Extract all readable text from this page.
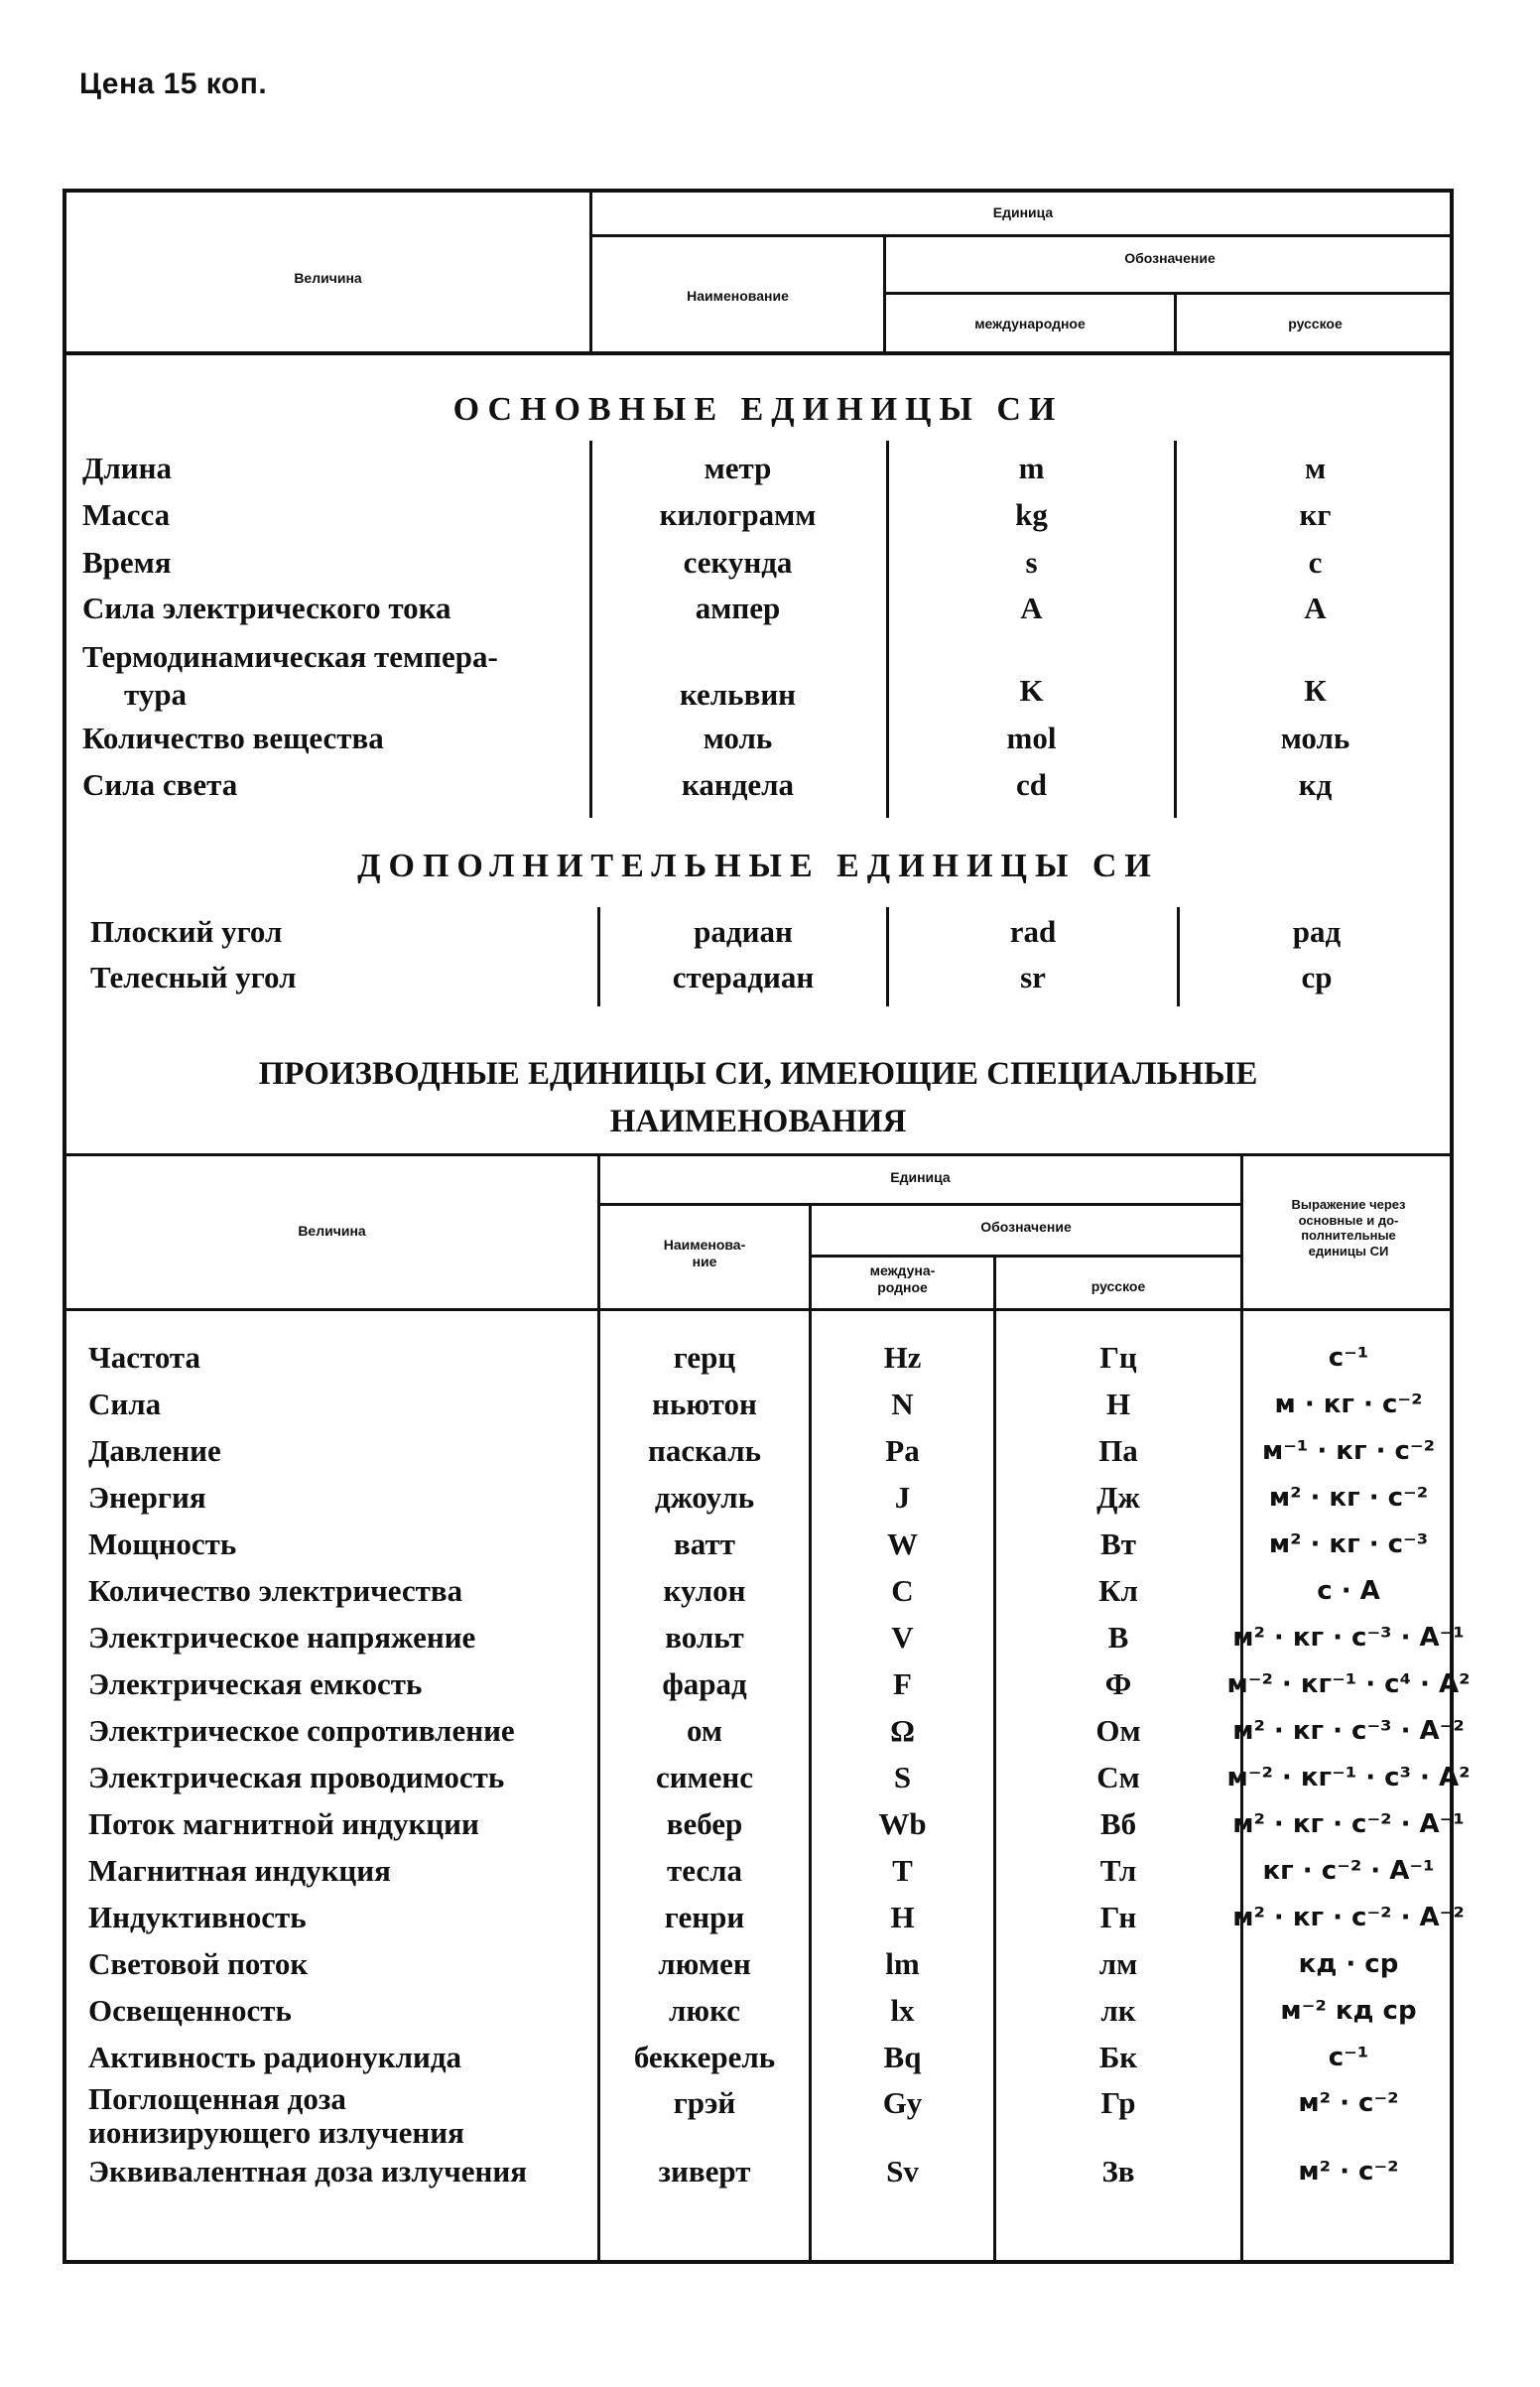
Цена 15 коп.
Величина
Единица
Наименование
Обозначение
международное	русское
ОСНОВНЫЕ ЕДИНИЦЫ СИ
Длина	метр	m	м
Масса	килограмм	kg	кг
Время	секунда	s	с
Сила электрического тока	ампер	A	А
Термодинамическая темпера-
тура	кельвин	K	К
Количество вещества	моль	mol	моль
Сила света	кандела	cd	кд
ДОПОЛНИТЕЛЬНЫЕ ЕДИНИЦЫ СИ
Плоский угол	радиан	rad	рад
Телесный угол	стерадиан	sr	ср
ПРОИЗВОДНЫЕ ЕДИНИЦЫ СИ, ИМЕЮЩИЕ СПЕЦИАЛЬНЫЕ
НАИМЕНОВАНИЯ
Величина
Единица
Наименова-
ние
Обозначение
междуна-
родное	русское
Выражение через
основные и до-
полнительные
единицы СИ
Частота	герц	Hz	Гц	с⁻¹
Сила	ньютон	N	Н	м · кг · с⁻²
Давление	паскаль	Pa	Па	м⁻¹ · кг · с⁻²
Энергия	джоуль	J	Дж	м² · кг · с⁻²
Мощность	ватт	W	Вт	м² · кг · с⁻³
Количество электричества	кулон	C	Кл	с · А
Электрическое напряжение	вольт	V	В	м² · кг · с⁻³ · А⁻¹
Электрическая емкость	фарад	F	Ф	м⁻² · кг⁻¹ · с⁴ · А²
Электрическое сопротивление	ом	Ω	Ом	м² · кг · с⁻³ · А⁻²
Электрическая проводимость	сименс	S	См	м⁻² · кг⁻¹ · с³ · А²
Поток магнитной индукции	вебер	Wb	Вб	м² · кг · с⁻² · А⁻¹
Магнитная индукция	тесла	T	Тл	кг · с⁻² · А⁻¹
Индуктивность	генри	H	Гн	м² · кг · с⁻² · А⁻²
Световой поток	люмен	lm	лм	кд · ср
Освещенность	люкс	lx	лк	м⁻² кд ср
Активность радионуклида	беккерель	Bq	Бк	с⁻¹
Поглощенная доза
ионизирующего излучения
грэй	Gy	Гр	м² · с⁻²
Эквивалентная доза излучения	зиверт	Sv	Зв	м² · с⁻²
